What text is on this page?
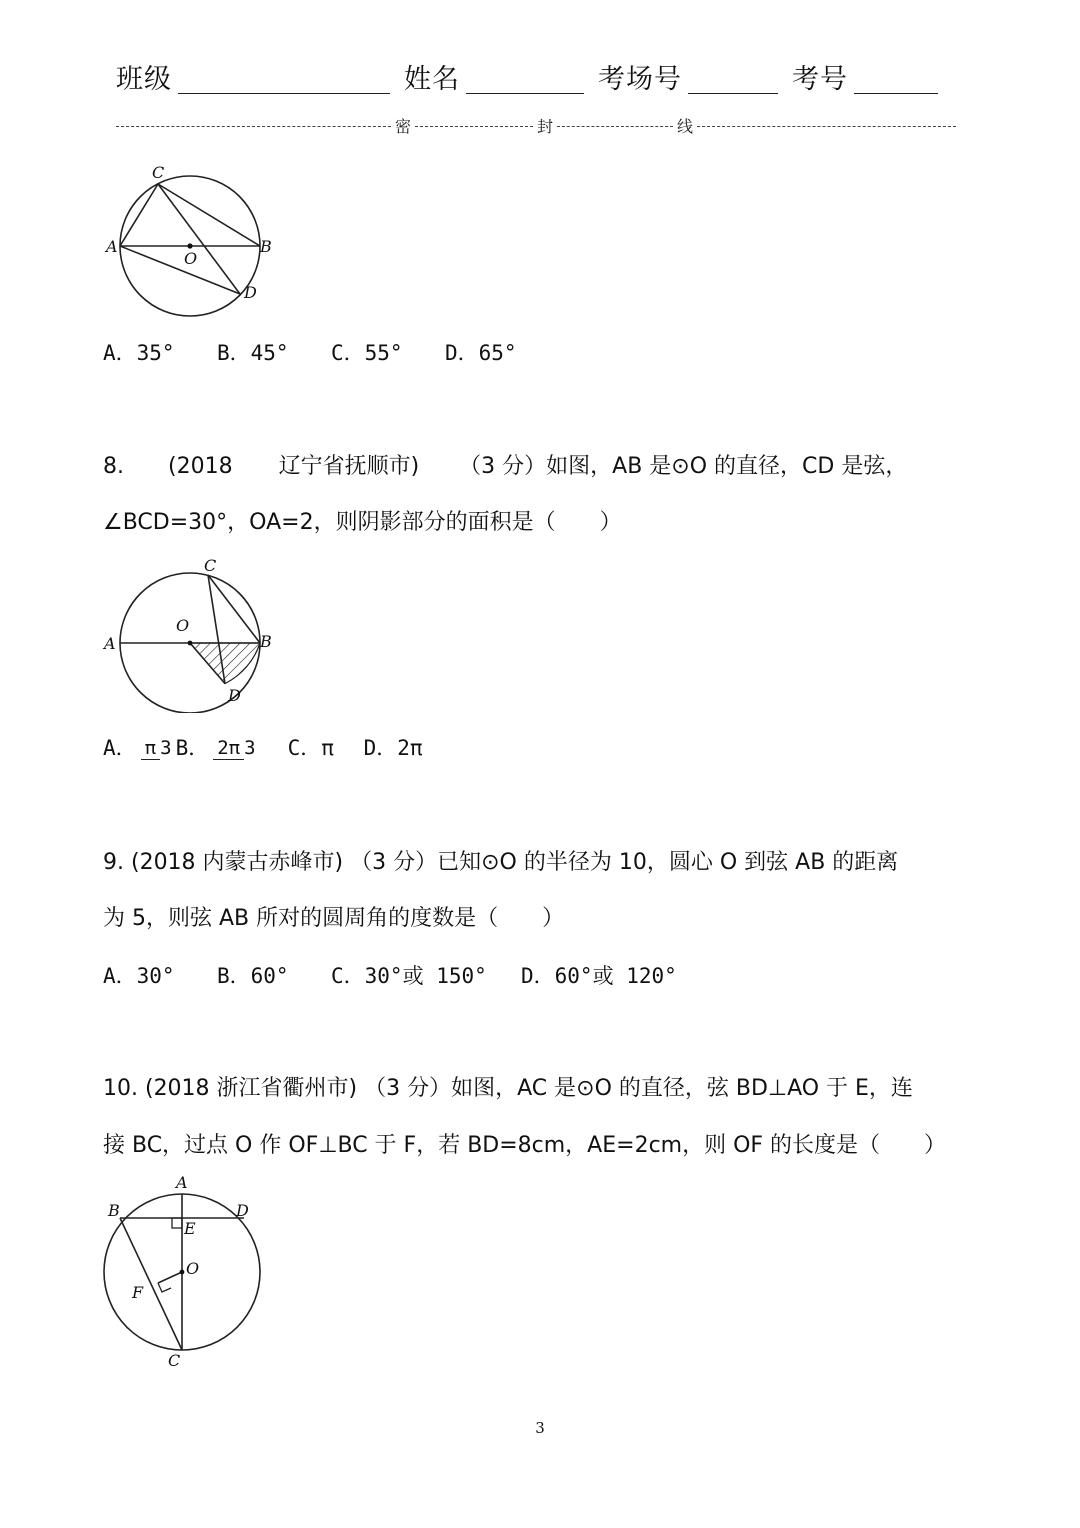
班级	姓名	考场号	考号
密	封	线
C
A
O
B
D
A．35° B．45° C．55° D．65°
8. (2018 辽宁省抚顺市) （3 分）如图，AB 是⊙O 的直径，CD 是弦，
∠BCD=30°，OA=2，则阴影部分的面积是（　　）
C
O
A	B
D
A． π 3 B． 2π 3 C．π	D．2π
9. (2018 内蒙古赤峰市) （3 分）已知⊙O 的半径为 10，圆心 O 到弦 AB 的距离
为 5，则弦 AB 所对的圆周角的度数是（　　）
A．30° B．60° C．30°或 150° D．60°或 120°
10. (2018 浙江省衢州市) （3 分）如图，AC 是⊙O 的直径，弦 BD⊥AO 于 E，连
接 BC，过点 O 作 OF⊥BC 于 F，若 BD=8cm，AE=2cm，则 OF 的长度是（　　）
A
B	D
E
O
F
C
3
